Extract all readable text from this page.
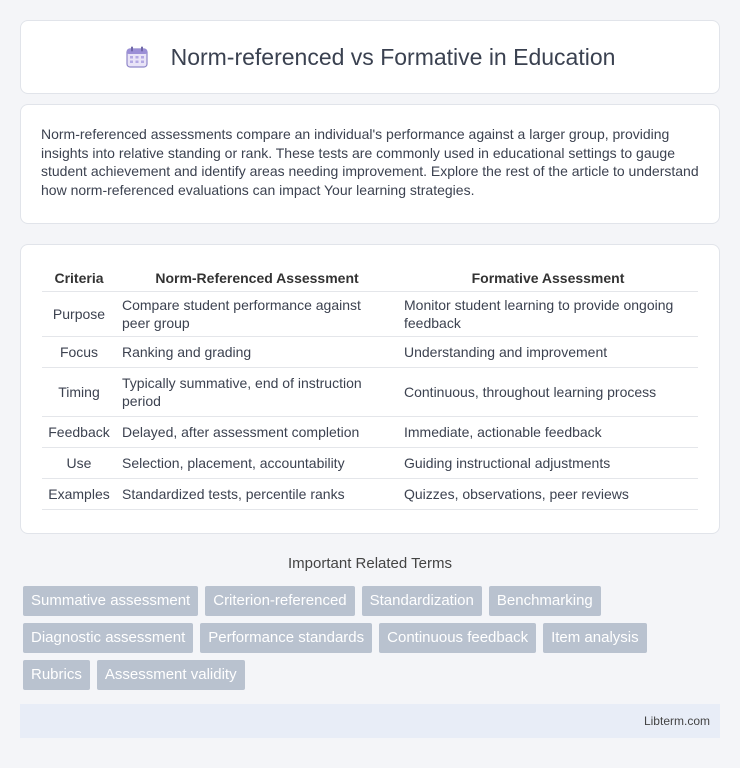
Norm-referenced vs Formative in Education

Norm-referenced assessments compare an individual's performance against a larger group, providing insights into relative standing or rank. These tests are commonly used in educational settings to gauge student achievement and identify areas needing improvement. Explore the rest of the article to understand how norm-referenced evaluations can impact Your learning strategies.

Criteria	Norm-Referenced Assessment	Formative Assessment
Purpose	Compare student performance against peer group	Monitor student learning to provide ongoing feedback
Focus	Ranking and grading	Understanding and improvement
Timing	Typically summative, end of instruction period	Continuous, throughout learning process
Feedback	Delayed, after assessment completion	Immediate, actionable feedback
Use	Selection, placement, accountability	Guiding instructional adjustments
Examples	Standardized tests, percentile ranks	Quizzes, observations, peer reviews
Important Related Terms
Summative assessment	Criterion-referenced	Standardization	Benchmarking
Diagnostic assessment	Performance standards	Continuous feedback	Item analysis
Rubrics	Assessment validity
Libterm.com
